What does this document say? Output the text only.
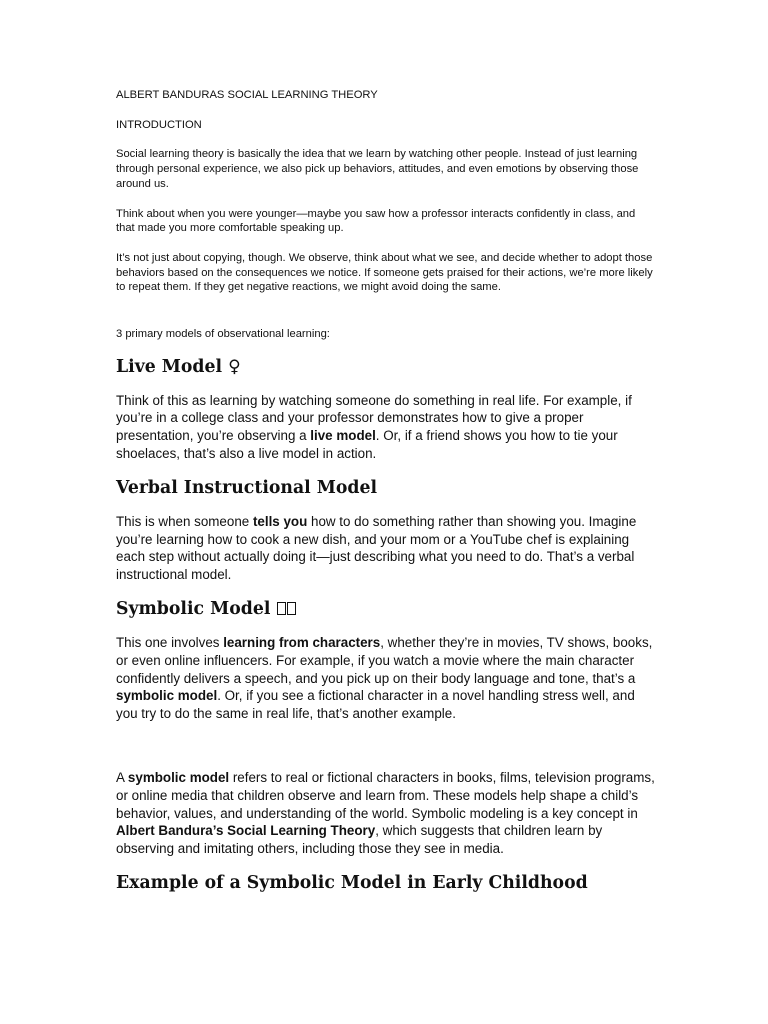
ALBERT BANDURAS SOCIAL LEARNING THEORY

INTRODUCTION

Social learning theory is basically the idea that we learn by watching other people. Instead of just learning through personal experience, we also pick up behaviors, attitudes, and even emotions by observing those around us.

Think about when you were younger—maybe you saw how a professor interacts confidently in class, and that made you more comfortable speaking up.

It’s not just about copying, though. We observe, think about what we see, and decide whether to adopt those behaviors based on the consequences we notice. If someone gets praised for their actions, we’re more likely to repeat them. If they get negative reactions, we might avoid doing the same.

3 primary models of observational learning:

Live Model ♀

Think of this as learning by watching someone do something in real life. For example, if you’re in a college class and your professor demonstrates how to give a proper presentation, you’re observing a live model. Or, if a friend shows you how to tie your shoelaces, that’s also a live model in action.

Verbal Instructional Model

This is when someone tells you how to do something rather than showing you. Imagine you’re learning how to cook a new dish, and your mom or a YouTube chef is explaining each step without actually doing it—just describing what you need to do. That’s a verbal instructional model.

Symbolic Model

This one involves learning from characters, whether they’re in movies, TV shows, books, or even online influencers. For example, if you watch a movie where the main character confidently delivers a speech, and you pick up on their body language and tone, that’s a symbolic model. Or, if you see a fictional character in a novel handling stress well, and you try to do the same in real life, that’s another example.

A symbolic model refers to real or fictional characters in books, films, television programs, or online media that children observe and learn from. These models help shape a child’s behavior, values, and understanding of the world. Symbolic modeling is a key concept in Albert Bandura’s Social Learning Theory, which suggests that children learn by observing and imitating others, including those they see in media.

Example of a Symbolic Model in Early Childhood
